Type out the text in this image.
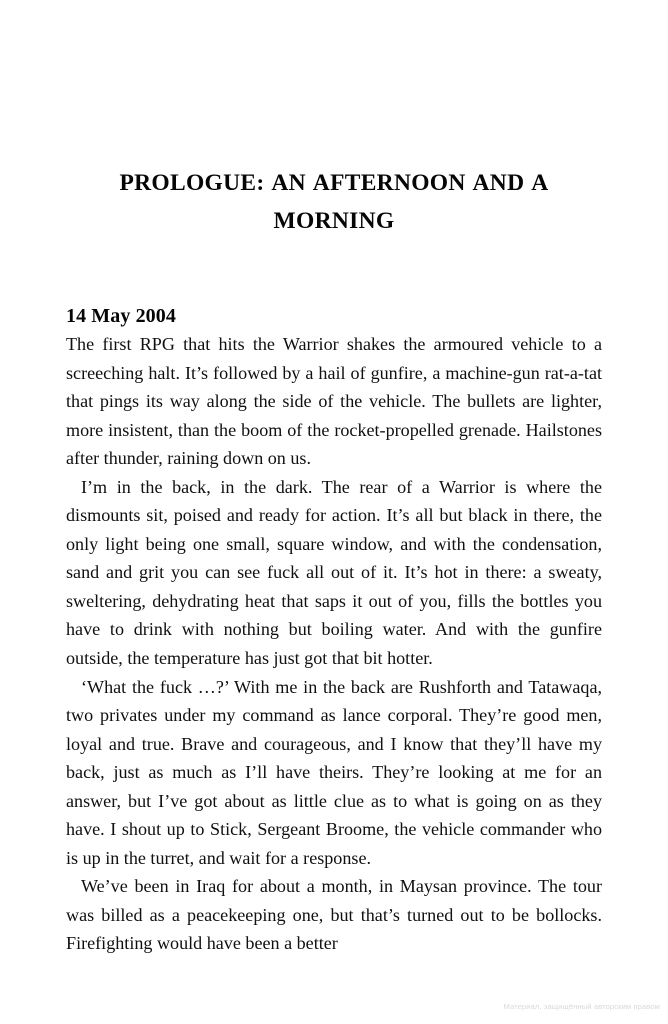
PROLOGUE: AN AFTERNOON AND A MORNING
14 May 2004

The first RPG that hits the Warrior shakes the armoured vehicle to a screeching halt. It’s followed by a hail of gunfire, a machine-gun rat-a-tat that pings its way along the side of the vehicle. The bullets are lighter, more insistent, than the boom of the rocket-propelled grenade. Hailstones after thunder, raining down on us.

I’m in the back, in the dark. The rear of a Warrior is where the dismounts sit, poised and ready for action. It’s all but black in there, the only light being one small, square window, and with the condensation, sand and grit you can see fuck all out of it. It’s hot in there: a sweaty, sweltering, dehydrating heat that saps it out of you, fills the bottles you have to drink with nothing but boiling water. And with the gunfire outside, the temperature has just got that bit hotter.

‘What the fuck …?’ With me in the back are Rushforth and Tatawaqa, two privates under my command as lance corporal. They’re good men, loyal and true. Brave and courageous, and I know that they’ll have my back, just as much as I’ll have theirs. They’re looking at me for an answer, but I’ve got about as little clue as to what is going on as they have. I shout up to Stick, Sergeant Broome, the vehicle commander who is up in the turret, and wait for a response.

We’ve been in Iraq for about a month, in Maysan province. The tour was billed as a peacekeeping one, but that’s turned out to be bollocks. Firefighting would have been a better

Материал, защищённый авторским правом
